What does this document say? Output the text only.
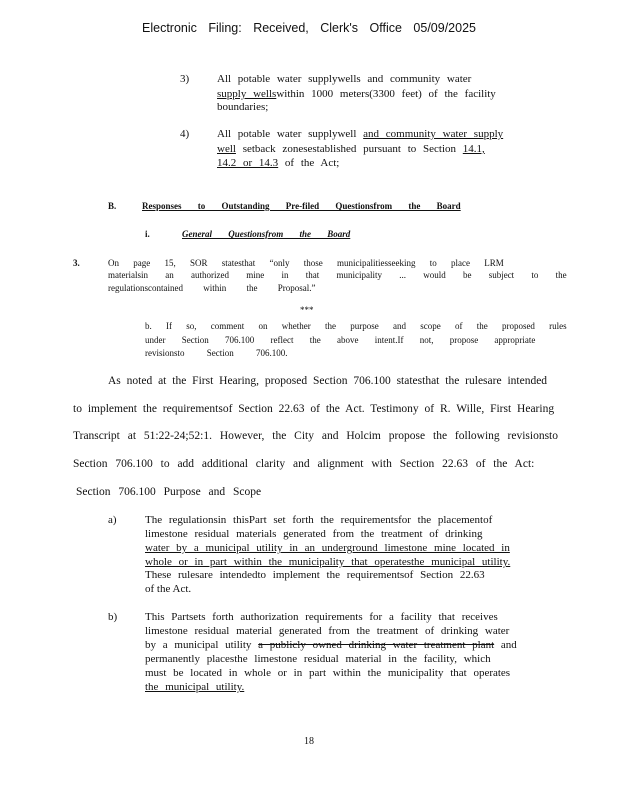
Electronic Filing: Received, Clerk's Office 05/09/2025
3)	All potable water supplywells and community water
supply wellswithin 1000 meters(3300 feet) of the facility
boundaries;
4)	All potable water supplywell and community water supply
well setback zonesestablished pursuant to Section 14.1,
14.2 or 14.3 of the Act;
B.	Responses to Outstanding Pre-filed Questionsfrom the Board
i.	General Questionsfrom the Board
3.	On page 15, SOR statesthat “only those municipalitiesseeking to place LRM
materialsin an authorized mine in that municipality ... would be subject to the
regulationscontained within the Proposal.”
***
b. If so, comment on whether the purpose and scope of the proposed rules
under Section 706.100 reflect the above intent.If not, propose appropriate
revisionsto Section 706.100.
As noted at the First Hearing, proposed Section 706.100 statesthat the rulesare intended
to implement the requirementsof Section 22.63 of the Act. Testimony of R. Wille, First Hearing
Transcript at 51:22-24;52:1. However, the City and Holcim propose the following revisionsto
Section 706.100 to add additional clarity and alignment with Section 22.63 of the Act:
Section 706.100 Purpose and Scope
a)	The regulationsin thisPart set forth the requirementsfor the placementof
limestone residual materials generated from the treatment of drinking
water by a municipal utility in an underground limestone mine located in
whole or in part within the municipality that operatesthe municipal utility.
These rulesare intendedto implement the requirementsof Section 22.63
of the Act.
b)	This Partsets forth authorization requirements for a facility that receives
limestone residual material generated from the treatment of drinking water
by a municipal utility a publicly owned drinking water treatment plant and
permanently placesthe limestone residual material in the facility, which
must be located in whole or in part within the municipality that operates
the municipal utility.
18
